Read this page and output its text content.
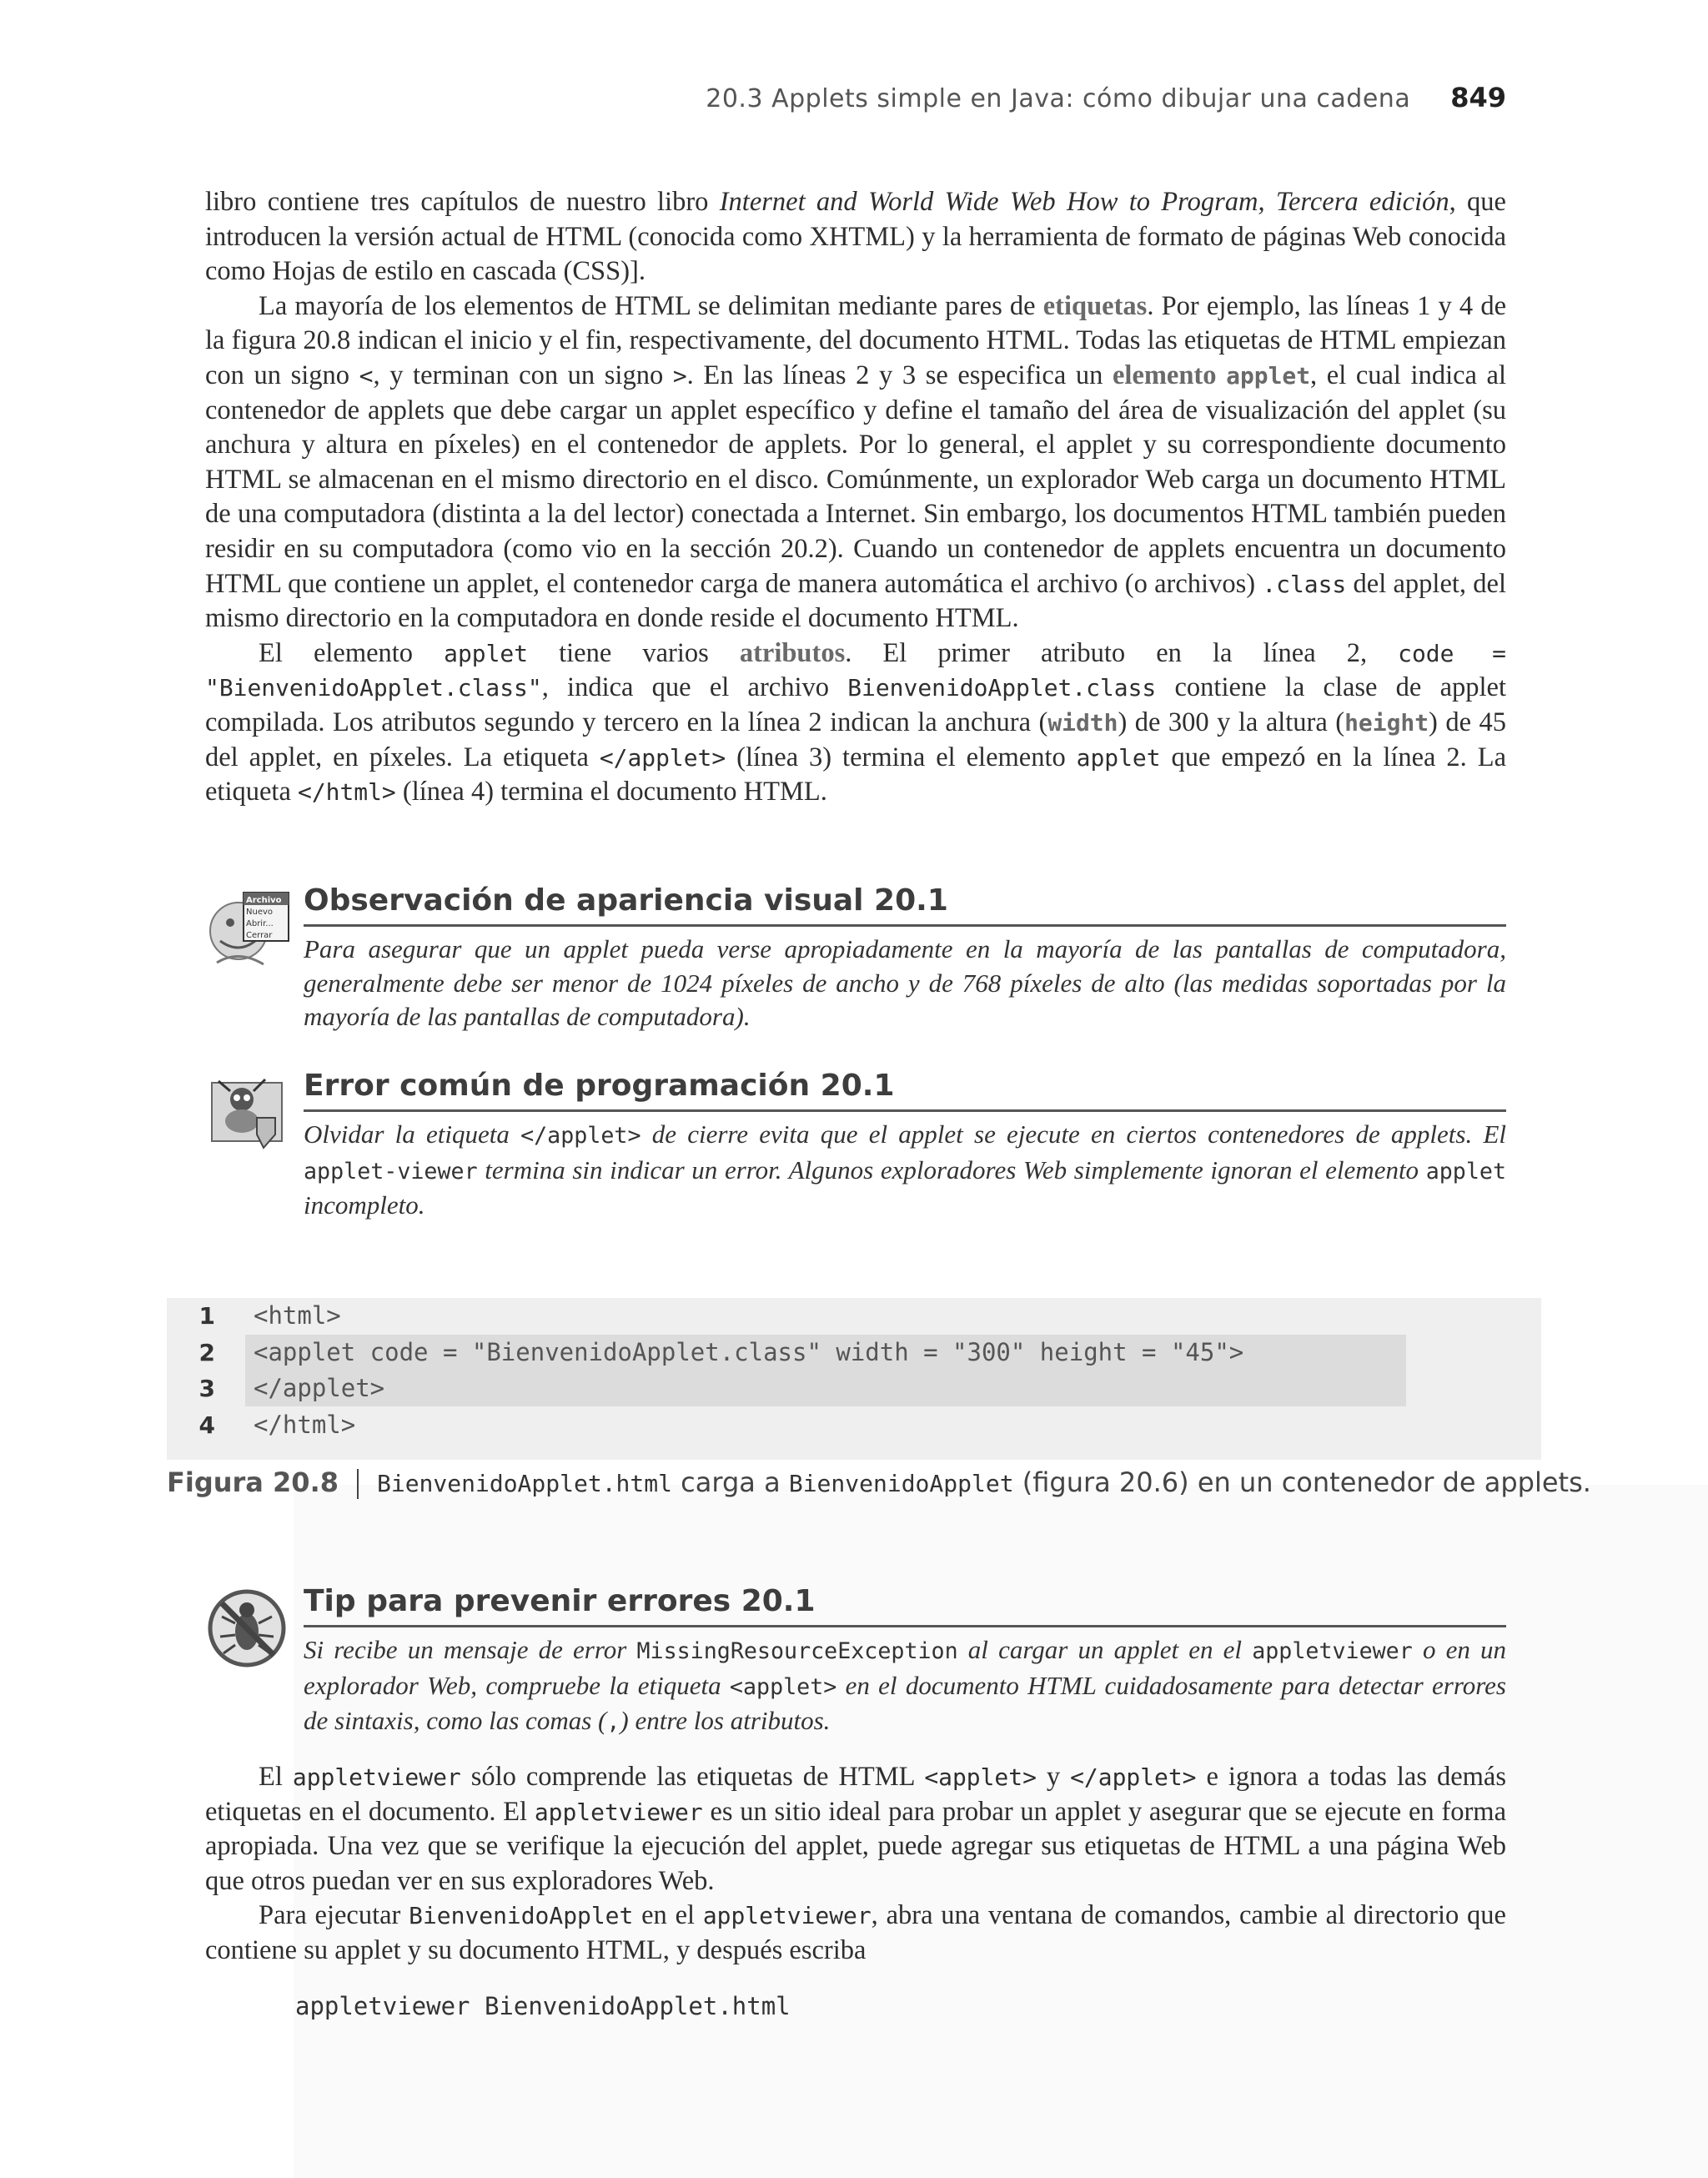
20.3 Applets simple en Java: cómo dibujar una cadena 849

libro contiene tres capítulos de nuestro libro Internet and World Wide Web How to Program, Tercera edición, que introducen la versión actual de HTML (conocida como XHTML) y la herramienta de formato de páginas Web conocida como Hojas de estilo en cascada (CSS)].

La mayoría de los elementos de HTML se delimitan mediante pares de etiquetas. Por ejemplo, las líneas 1 y 4 de la figura 20.8 indican el inicio y el fin, respectivamente, del documento HTML. Todas las etiquetas de HTML empiezan con un signo <, y terminan con un signo >. En las líneas 2 y 3 se especifica un elemento applet, el cual indica al contenedor de applets que debe cargar un applet específico y define el tamaño del área de visualización del applet (su anchura y altura en píxeles) en el contenedor de applets. Por lo general, el applet y su correspondiente documento HTML se almacenan en el mismo directorio en el disco. Comúnmente, un explorador Web carga un documento HTML de una computadora (distinta a la del lector) conectada a Internet. Sin embargo, los documentos HTML también pueden residir en su computadora (como vio en la sección 20.2). Cuando un contenedor de applets encuentra un documento HTML que contiene un applet, el contenedor carga de manera automática el archivo (o archivos) .class del applet, del mismo directorio en la computadora en donde reside el documento HTML.

El elemento applet tiene varios atributos. El primer atributo en la línea 2, code = "BienvenidoApplet.class", indica que el archivo BienvenidoApplet.class contiene la clase de applet compilada. Los atributos segundo y tercero en la línea 2 indican la anchura (width) de 300 y la altura (height) de 45 del applet, en píxeles. La etiqueta </applet> (línea 3) termina el elemento applet que empezó en la línea 2. La etiqueta </html> (línea 4) termina el documento HTML.

Archivo
Nuevo
Abrir...
Cerrar
Observación de apariencia visual 20.1
Para asegurar que un applet pueda verse apropiadamente en la mayoría de las pantallas de computadora, generalmente debe ser menor de 1024 píxeles de ancho y de 768 píxeles de alto (las medidas soportadas por la mayoría de las pantallas de computadora).
Error común de programación 20.1
Olvidar la etiqueta </applet> de cierre evita que el applet se ejecute en ciertos contenedores de applets. El applet-viewer termina sin indicar un error. Algunos exploradores Web simplemente ignoran el elemento applet incompleto.
1 <html>
2 <applet code = "BienvenidoApplet.class" width = "300" height = "45">
3 </applet>
4 </html>
Figura 20.8 BienvenidoApplet.html carga a BienvenidoApplet (figura 20.6) en un contenedor de applets.
Tip para prevenir errores 20.1
Si recibe un mensaje de error MissingResourceException al cargar un applet en el appletviewer o en un explorador Web, compruebe la etiqueta <applet> en el documento HTML cuidadosamente para detectar errores de sintaxis, como las comas (,) entre los atributos.

El appletviewer sólo comprende las etiquetas de HTML <applet> y </applet> e ignora a todas las demás etiquetas en el documento. El appletviewer es un sitio ideal para probar un applet y asegurar que se ejecute en forma apropiada. Una vez que se verifique la ejecución del applet, puede agregar sus etiquetas de HTML a una página Web que otros puedan ver en sus exploradores Web.

Para ejecutar BienvenidoApplet en el appletviewer, abra una ventana de comandos, cambie al directorio que contiene su applet y su documento HTML, y después escriba

appletviewer BienvenidoApplet.html
